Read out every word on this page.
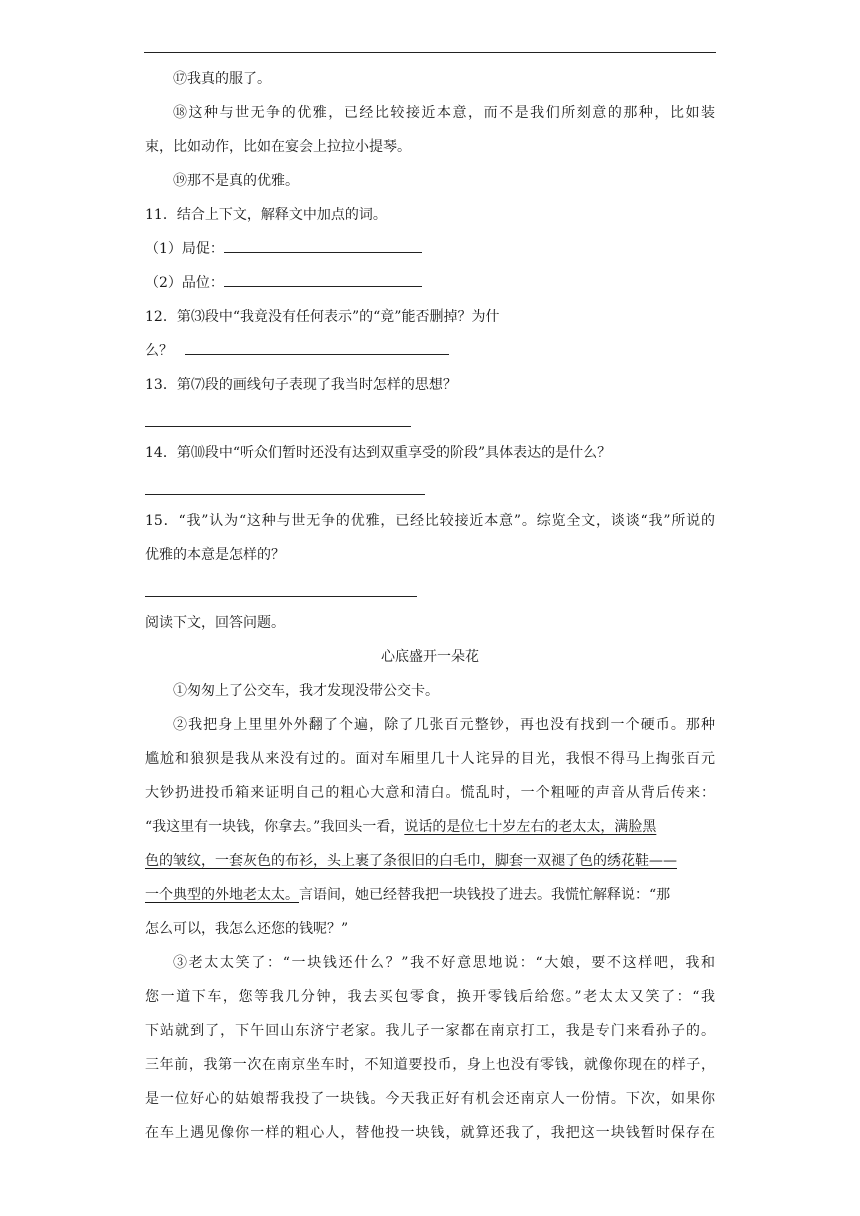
⑰我真的服了。
⑱这种与世无争的优雅，已经比较接近本意，而不是我们所刻意的那种，比如装
束，比如动作，比如在宴会上拉拉小提琴。
⑲那不是真的优雅。
11．结合上下文，解释文中加点的词。
（1）局促：
（2）品位：
12．第⑶段中“我竟没有任何表示”的“竟”能否删掉？为什
么？
13．第⑺段的画线句子表现了我当时怎样的思想？
14．第⑽段中“听众们暂时还没有达到双重享受的阶段”具体表达的是什么？
15．“我”认为“这种与世无争的优雅，已经比较接近本意”。综览全文，谈谈“我”所说的
优雅的本意是怎样的？
阅读下文，回答问题。
心底盛开一朵花
①匆匆上了公交车，我才发现没带公交卡。
②我把身上里里外外翻了个遍，除了几张百元整钞，再也没有找到一个硬币。那种
尴尬和狼狈是我从来没有过的。面对车厢里几十人诧异的目光，我恨不得马上掏张百元
大钞扔进投币箱来证明自己的粗心大意和清白。慌乱时，一个粗哑的声音从背后传来：
“我这里有一块钱，你拿去。”我回头一看，说话的是位七十岁左右的老太太，满脸黑
色的皱纹，一套灰色的布衫，头上裹了条很旧的白毛巾，脚套一双褪了色的绣花鞋——
一个典型的外地老太太。言语间，她已经替我把一块钱投了进去。我慌忙解释说：“那
怎么可以，我怎么还您的钱呢？”
③老太太笑了：“一块钱还什么？”我不好意思地说：“大娘，要不这样吧，我和
您一道下车，您等我几分钟，我去买包零食，换开零钱后给您。”老太太又笑了：“我
下站就到了，下午回山东济宁老家。我儿子一家都在南京打工，我是专门来看孙子的。
三年前，我第一次在南京坐车时，不知道要投币，身上也没有零钱，就像你现在的样子，
是一位好心的姑娘帮我投了一块钱。今天我正好有机会还南京人一份情。下次，如果你
在车上遇见像你一样的粗心人，替他投一块钱，就算还我了，我把这一块钱暂时保存在
